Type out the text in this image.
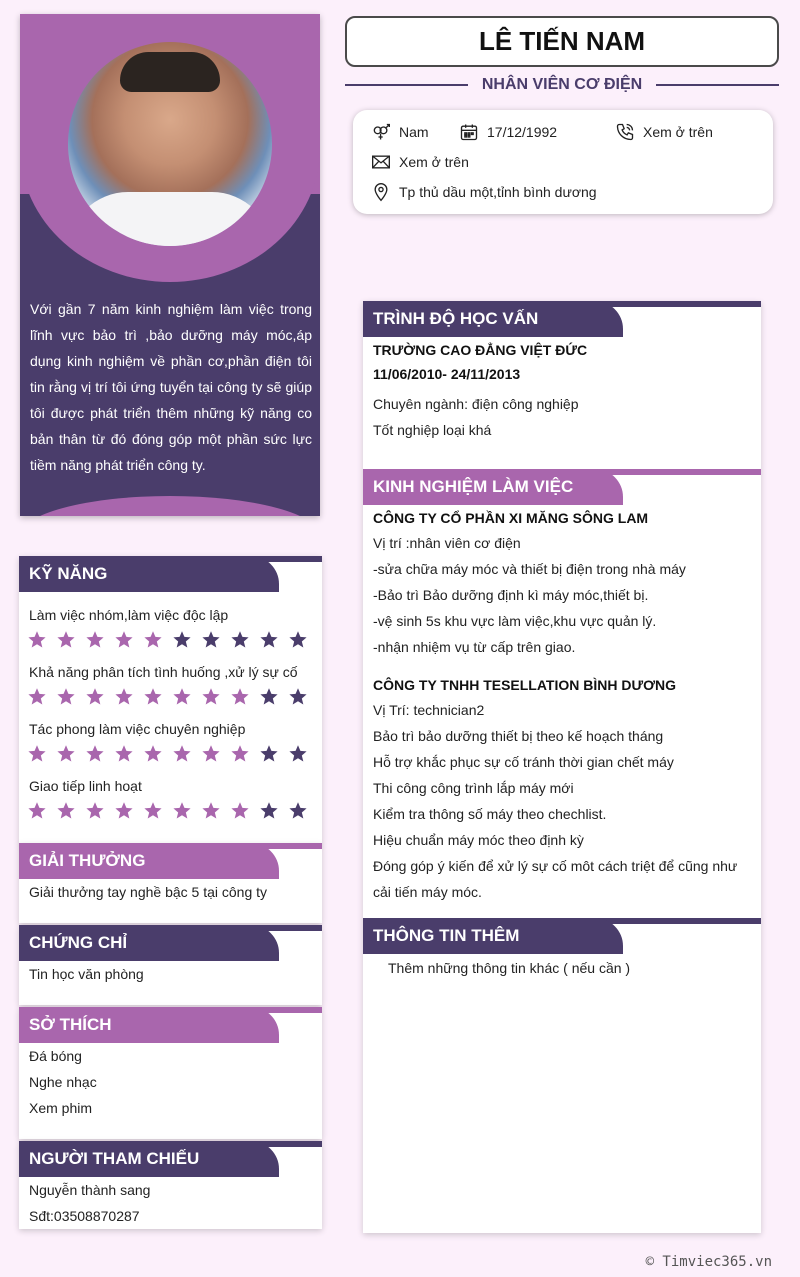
Với gần 7 năm kinh nghiệm làm việc trong lĩnh vực bảo trì ,bảo dưỡng máy móc,áp dụng kinh nghiệm về phần cơ,phần điện tôi tin rằng vị trí tôi ứng tuyển tại công ty sẽ giúp tôi được phát triển thêm những kỹ năng co bản thân từ đó đóng góp một phần sức lực tiềm năng phát triển công ty.

LÊ TIẾN NAM
NHÂN VIÊN CƠ ĐIỆN
Nam	17/12/1992	Xem ở trên
Xem ở trên
Tp thủ dầu một,tỉnh bình dương
KỸ NĂNG
Làm việc nhóm,làm việc độc lập
Khả năng phân tích tình huống ,xử lý sự cố
Tác phong làm việc chuyên nghiệp
Giao tiếp linh hoạt
GIẢI THƯỞNG
Giải thưởng tay nghề bậc 5 tại công ty
CHỨNG CHỈ
Tin học văn phòng
SỞ THÍCH
Đá bóng
Nghe nhạc
Xem phim
NGƯỜI THAM CHIẾU
Nguyễn thành sang
Sđt:03508870287
TRÌNH ĐỘ HỌC VẤN
TRƯỜNG CAO ĐẲNG VIỆT ĐỨC
11/06/2010- 24/11/2013
Chuyên ngành: điện công nghiệp
Tốt nghiệp loại khá
KINH NGHIỆM LÀM VIỆC
CÔNG TY CỔ PHẦN XI MĂNG SÔNG LAM
Vị trí :nhân viên cơ điện
-sửa chữa máy móc và thiết bị điện trong nhà máy
-Bảo trì Bảo dưỡng định kì máy móc,thiết bị.
-vệ sinh 5s khu vực làm việc,khu vực quản lý.
-nhận nhiệm vụ từ cấp trên giao.
CÔNG TY TNHH TESELLATION BÌNH DƯƠNG
Vị Trí: technician2
Bảo trì bảo dưỡng thiết bị theo kế hoạch tháng
Hỗ trợ khắc phục sự cố tránh thời gian chết máy
Thi công công trình lắp máy mới
Kiểm tra thông số máy theo chechlist.
Hiệu chuẩn máy móc theo định kỳ
Đóng góp ý kiến để xử lý sự cố môt cách triệt để cũng như
cải tiến máy móc.
THÔNG TIN THÊM
Thêm những thông tin khác ( nếu cần )
© Timviec365.vn
